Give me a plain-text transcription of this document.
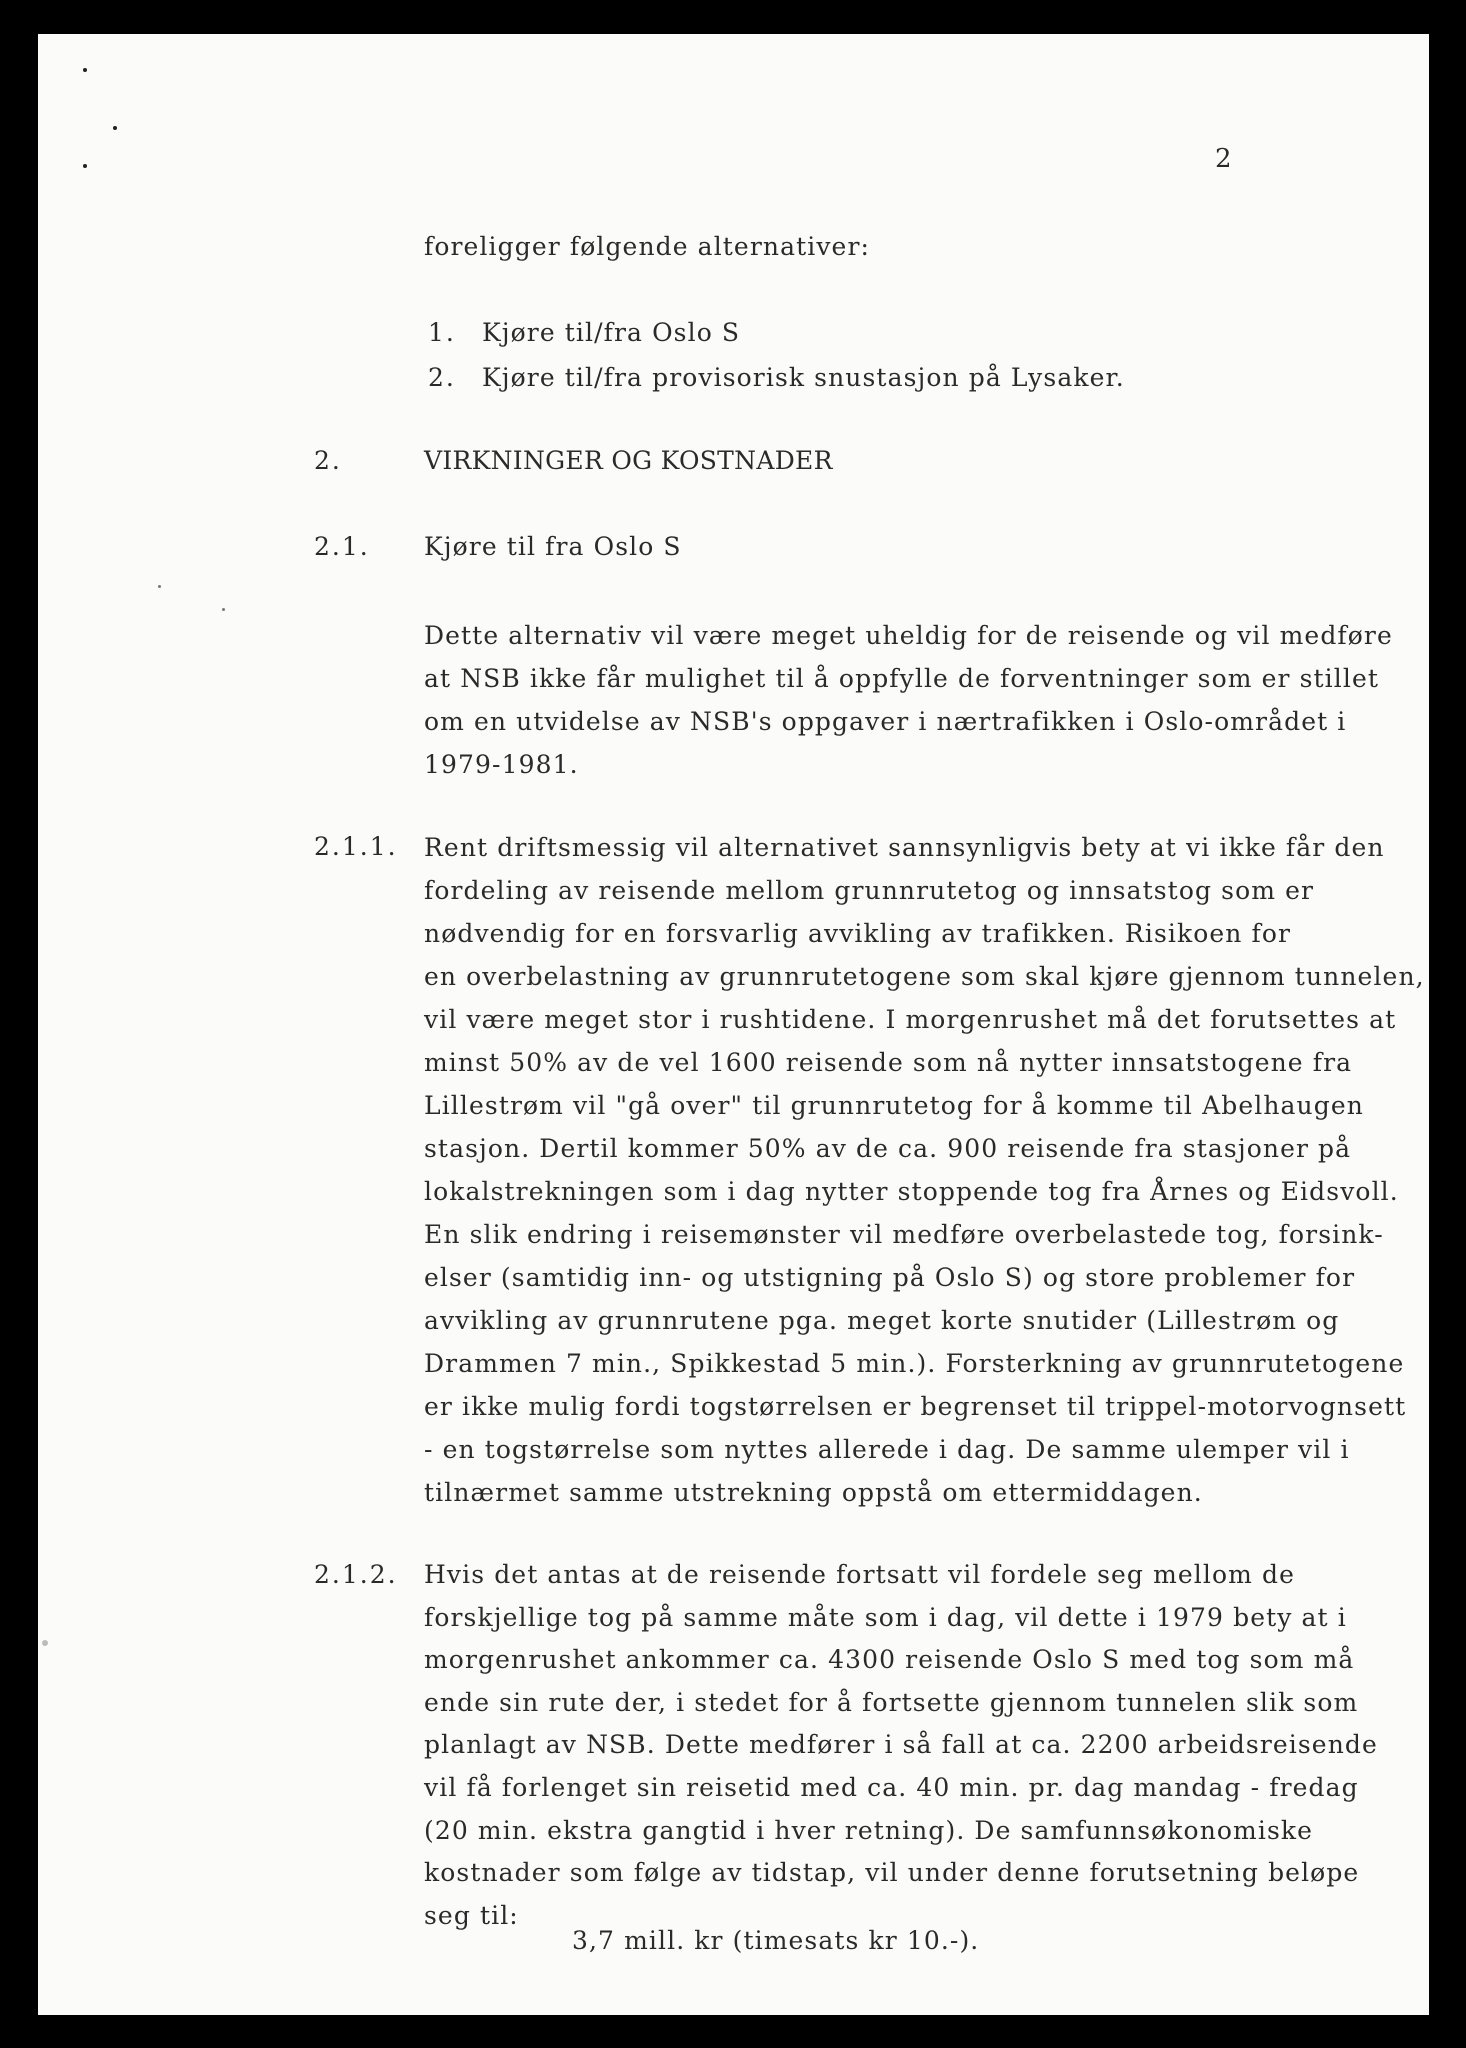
2
foreligger følgende alternativer:
1. Kjøre til/fra Oslo S
2. Kjøre til/fra provisorisk snustasjon på Lysaker.
2.	VIRKNINGER OG KOSTNADER
2.1. Kjøre til fra Oslo S
Dette alternativ vil være meget uheldig for de reisende og vil medføre
at NSB ikke får mulighet til å oppfylle de forventninger som er stillet
om en utvidelse av NSB's oppgaver i nærtrafikken i Oslo-området i
1979-1981.
2.1.1. Rent driftsmessig vil alternativet sannsynligvis bety at vi ikke får den
fordeling av reisende mellom grunnrutetog og innsatstog som er
nødvendig for en forsvarlig avvikling av trafikken. Risikoen for
en overbelastning av grunnrutetogene som skal kjøre gjennom tunnelen,
vil være meget stor i rushtidene. I morgenrushet må det forutsettes at
minst 50% av de vel 1600 reisende som nå nytter innsatstogene fra
Lillestrøm vil "gå over" til grunnrutetog for å komme til Abelhaugen
stasjon. Dertil kommer 50% av de ca. 900 reisende fra stasjoner på
lokalstrekningen som i dag nytter stoppende tog fra Årnes og Eidsvoll.
En slik endring i reisemønster vil medføre overbelastede tog, forsink-
elser (samtidig inn- og utstigning på Oslo S) og store problemer for
avvikling av grunnrutene pga. meget korte snutider (Lillestrøm og
Drammen 7 min., Spikkestad 5 min.). Forsterkning av grunnrutetogene
er ikke mulig fordi togstørrelsen er begrenset til trippel-motorvognsett
- en togstørrelse som nyttes allerede i dag. De samme ulemper vil i
tilnærmet samme utstrekning oppstå om ettermiddagen.
2.1.2. Hvis det antas at de reisende fortsatt vil fordele seg mellom de
forskjellige tog på samme måte som i dag, vil dette i 1979 bety at i
morgenrushet ankommer ca. 4300 reisende Oslo S med tog som må
ende sin rute der, i stedet for å fortsette gjennom tunnelen slik som
planlagt av NSB. Dette medfører i så fall at ca. 2200 arbeidsreisende
vil få forlenget sin reisetid med ca. 40 min. pr. dag mandag - fredag
(20 min. ekstra gangtid i hver retning). De samfunnsøkonomiske
kostnader som følge av tidstap, vil under denne forutsetning beløpe
seg til:
3,7 mill. kr (timesats kr 10.-).
